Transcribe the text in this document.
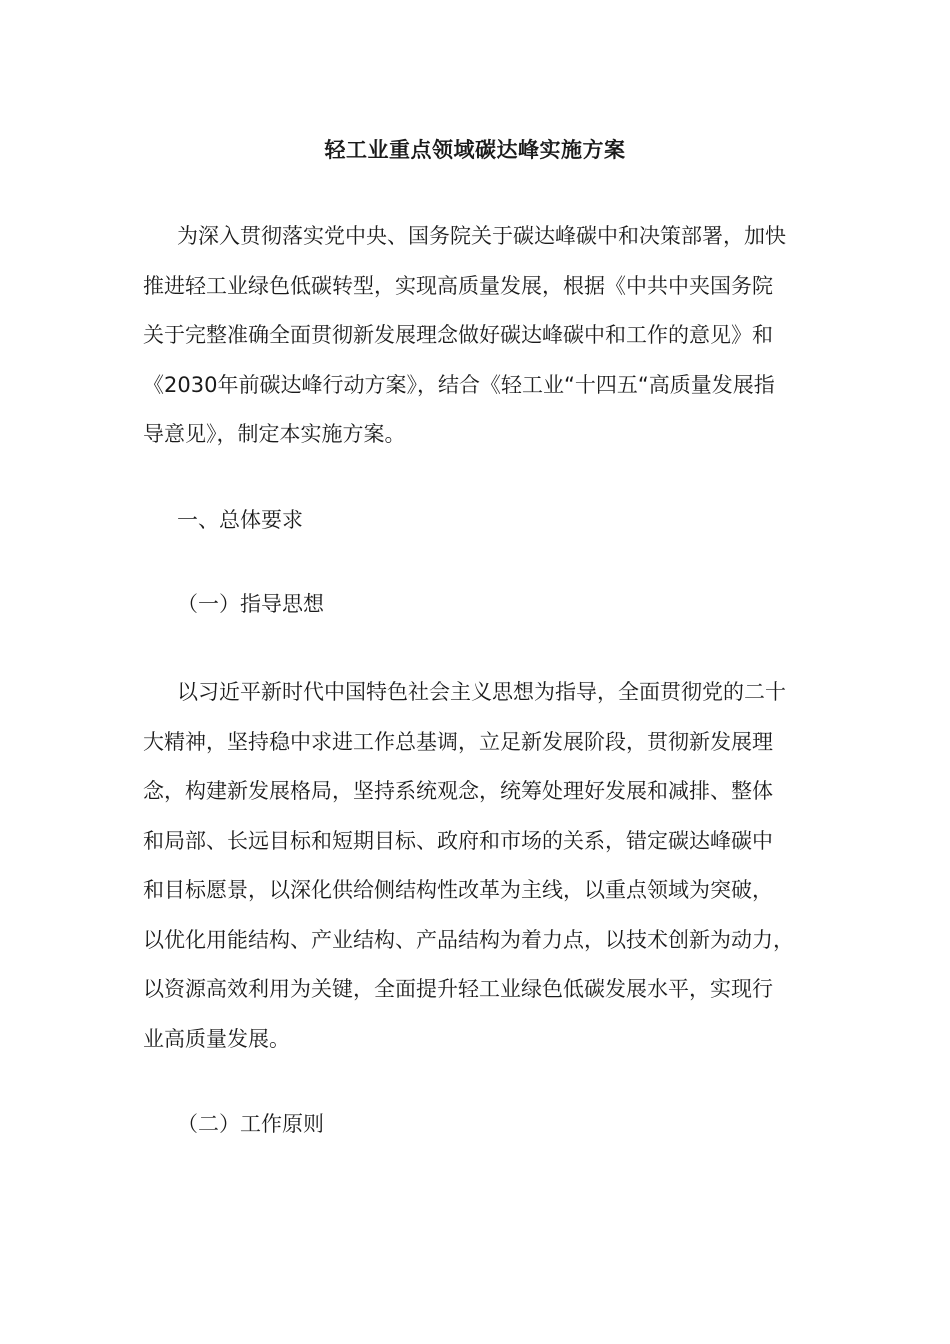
轻工业重点领域碳达峰实施方案

为深入贯彻落实党中央、国务院关于碳达峰碳中和决策部署，加快
推进轻工业绿色低碳转型，实现高质量发展，根据《中共中夹国务院
关于完整准确全面贯彻新发展理念做好碳达峰碳中和工作的意见》和
《2030年前碳达峰行动方案》，结合《轻工业“十四五“高质量发展指
导意见》，制定本实施方案。

一、总体要求
（一）指导思想

以习近平新时代中国特色社会主义思想为指导，全面贯彻党的二十
大精神，坚持稳中求进工作总基调，立足新发展阶段，贯彻新发展理
念，构建新发展格局，坚持系统观念，统筹处理好发展和减排、整体
和局部、长远目标和短期目标、政府和市场的关系，错定碳达峰碳中
和目标愿景，以深化供给侧结构性改革为主线，以重点领域为突破，
以优化用能结构、产业结构、产品结构为着力点，以技术创新为动力，
以资源高效利用为关键，全面提升轻工业绿色低碳发展水平，实现行
业高质量发展。

（二）工作原则
